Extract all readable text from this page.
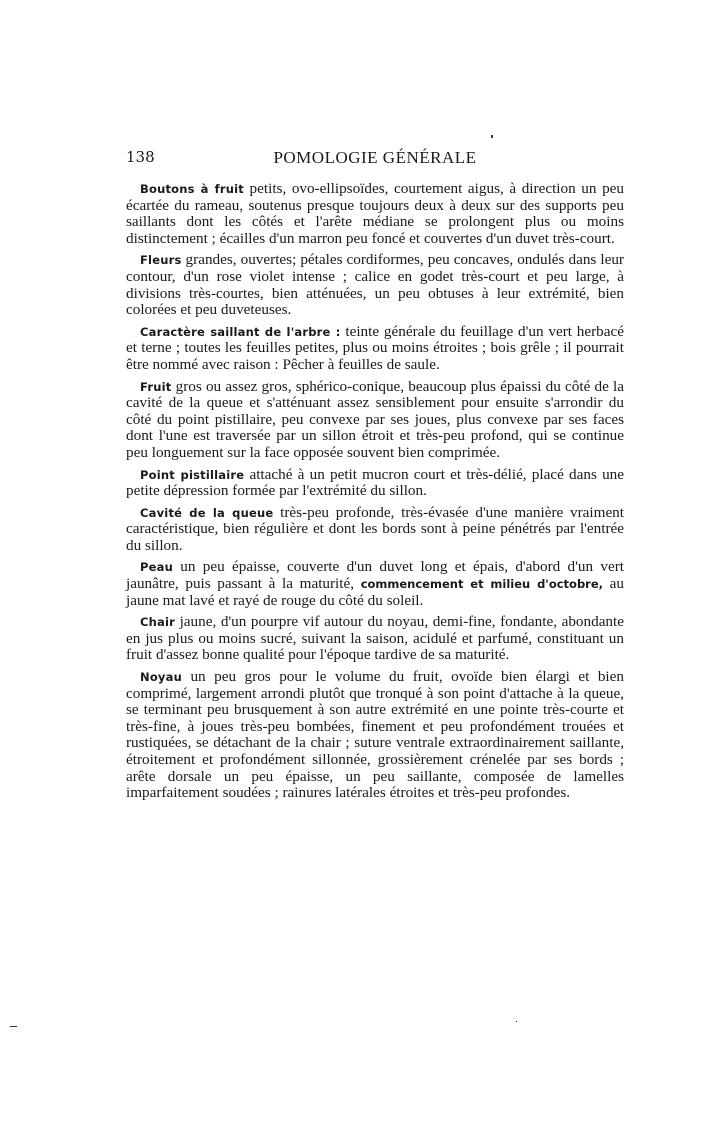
138	POMOLOGIE GÉNÉRALE

Boutons à fruit petits, ovo-ellipsoïdes, courtement aigus, à direction un peu écartée du rameau, soutenus presque toujours deux à deux sur des supports peu saillants dont les côtés et l'arête médiane se prolongent plus ou moins distinctement ; écailles d'un marron peu foncé et couvertes d'un duvet très-court.

Fleurs grandes, ouvertes; pétales cordiformes, peu concaves, ondulés dans leur contour, d'un rose violet intense ; calice en godet très-court et peu large, à divisions très-courtes, bien atténuées, un peu obtuses à leur extrémité, bien colorées et peu duveteuses.

Caractère saillant de l'arbre : teinte générale du feuillage d'un vert herbacé et terne ; toutes les feuilles petites, plus ou moins étroites ; bois grêle ; il pourrait être nommé avec raison : Pêcher à feuilles de saule.

Fruit gros ou assez gros, sphérico-conique, beaucoup plus épaissi du côté de la cavité de la queue et s'atténuant assez sensiblement pour ensuite s'arrondir du côté du point pistillaire, peu convexe par ses joues, plus convexe par ses faces dont l'une est traversée par un sillon étroit et très-peu profond, qui se continue peu longuement sur la face opposée souvent bien comprimée.

Point pistillaire attaché à un petit mucron court et très-délié, placé dans une petite dépression formée par l'extrémité du sillon.

Cavité de la queue très-peu profonde, très-évasée d'une manière vraiment caractéristique, bien régulière et dont les bords sont à peine pénétrés par l'entrée du sillon.

Peau un peu épaisse, couverte d'un duvet long et épais, d'abord d'un vert jaunâtre, puis passant à la maturité, commencement et milieu d'octobre, au jaune mat lavé et rayé de rouge du côté du soleil.

Chair jaune, d'un pourpre vif autour du noyau, demi-fine, fondante, abondante en jus plus ou moins sucré, suivant la saison, acidulé et parfumé, constituant un fruit d'assez bonne qualité pour l'époque tardive de sa maturité.

Noyau un peu gros pour le volume du fruit, ovoïde bien élargi et bien comprimé, largement arrondi plutôt que tronqué à son point d'attache à la queue, se terminant peu brusquement à son autre extrémité en une pointe très-courte et très-fine, à joues très-peu bombées, finement et peu profondément trouées et rustiquées, se détachant de la chair ; suture ventrale extraordinairement saillante, étroitement et profondément sillonnée, grossièrement crénelée par ses bords ; arête dorsale un peu épaisse, un peu saillante, composée de lamelles imparfaitement soudées ; rainures latérales étroites et très-peu profondes.
